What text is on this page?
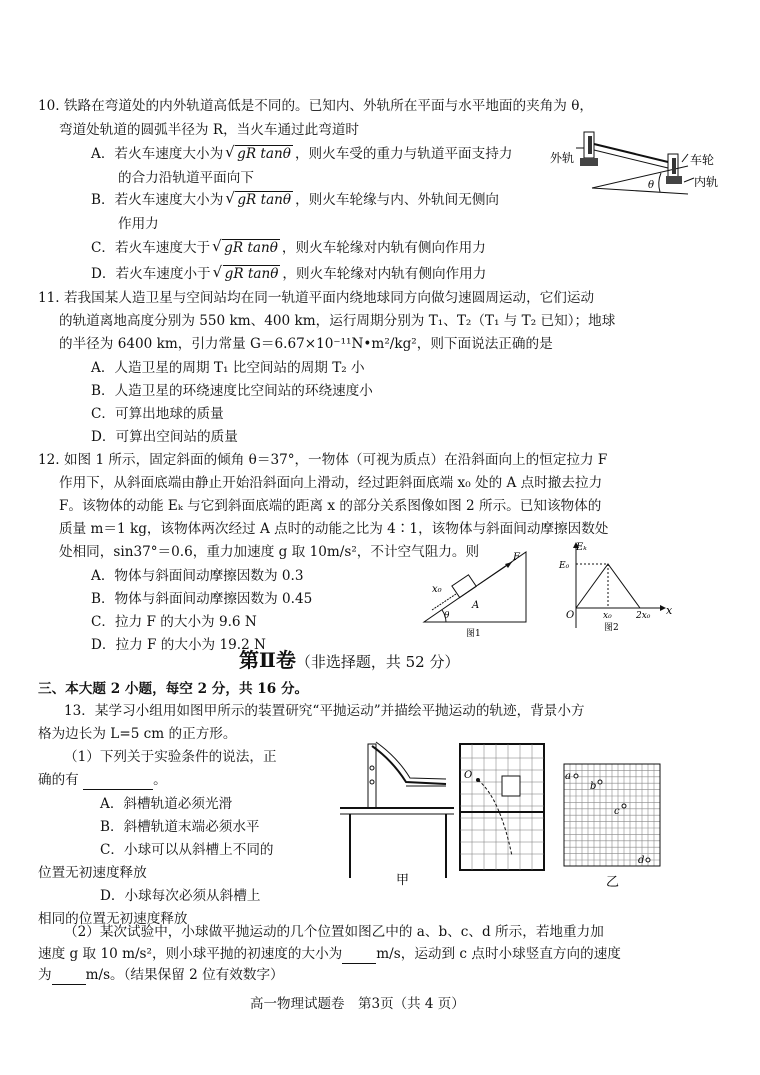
10. 铁路在弯道处的内外轨道高低是不同的。已知内、外轨所在平面与水平地面的夹角为 θ，
弯道处轨道的圆弧半径为 R，当火车通过此弯道时
A．若火车速度大小为 √ gR tanθ ，则火车受的重力与轨道平面支持力
的合力沿轨道平面向下
B．若火车速度大小为 √ gR tanθ ，则火车轮缘与内、外轨间无侧向
作用力
C．若火车速度大于 √ gR tanθ ，则火车轮缘对内轨有侧向作用力
D．若火车速度小于 √ gR tanθ ，则火车轮缘对内轨有侧向作用力
θ
外轨	车轮
内轨
11. 若我国某人造卫星与空间站均在同一轨道平面内绕地球同方向做匀速圆周运动，它们运动
的轨道离地高度分别为 550 km、400 km，运行周期分别为 T₁、T₂（T₁ 与 T₂ 已知）；地球
的半径为 6400 km，引力常量 G＝6.67×10⁻¹¹N•m²/kg²，则下面说法正确的是
A．人造卫星的周期 T₁ 比空间站的周期 T₂ 小
B．人造卫星的环绕速度比空间站的环绕速度小
C．可算出地球的质量
D．可算出空间站的质量
12. 如图 1 所示，固定斜面的倾角 θ＝37°，一物体（可视为质点）在沿斜面向上的恒定拉力 F
作用下，从斜面底端由静止开始沿斜面向上滑动，经过距斜面底端 x₀ 处的 A 点时撤去拉力
F。该物体的动能 Eₖ 与它到斜面底端的距离 x 的部分关系图像如图 2 所示。已知该物体的
质量 m＝1 kg，该物体两次经过 A 点时的动能之比为 4∶1，该物体与斜面间动摩擦因数处
处相同，sin37°＝0.6，重力加速度 g 取 10m/s²，不计空气阻力。则
A．物体与斜面间动摩擦因数为 0.3
B．物体与斜面间动摩擦因数为 0.45
C．拉力 F 的大小为 9.6 N
D．拉力 F 的大小为 19.2 N
F
x₀
A
θ
图1
Eₖ
E₀
O	x₀	2x₀ x
图2
第Ⅱ卷（非选择题，共 52 分）
三、本大题 2 小题，每空 2 分，共 16 分。
13．某学习小组用如图甲所示的装置研究“平抛运动”并描绘平抛运动的轨迹，背景小方
格为边长为 L=5 cm 的正方形。
（1）下列关于实验条件的说法，正
确的有	。
A．斜槽轨道必须光滑
B．斜槽轨道末端必须水平
C．小球可以从斜槽上不同的
位置无初速度释放
D．小球每次必须从斜槽上
相同的位置无初速度释放
（2）某次试验中，小球做平抛运动的几个位置如图乙中的 a、b、c、d 所示，若地重力加
速度 g 取 10 m/s²，则小球平抛的初速度的大小为	m/s，运动到 c 点时小球竖直方向的速度
O
甲
a
b
c
d
乙
高一物理试题卷　第3页（共 4 页）
为	m/s。（结果保留 2 位有效数字）
